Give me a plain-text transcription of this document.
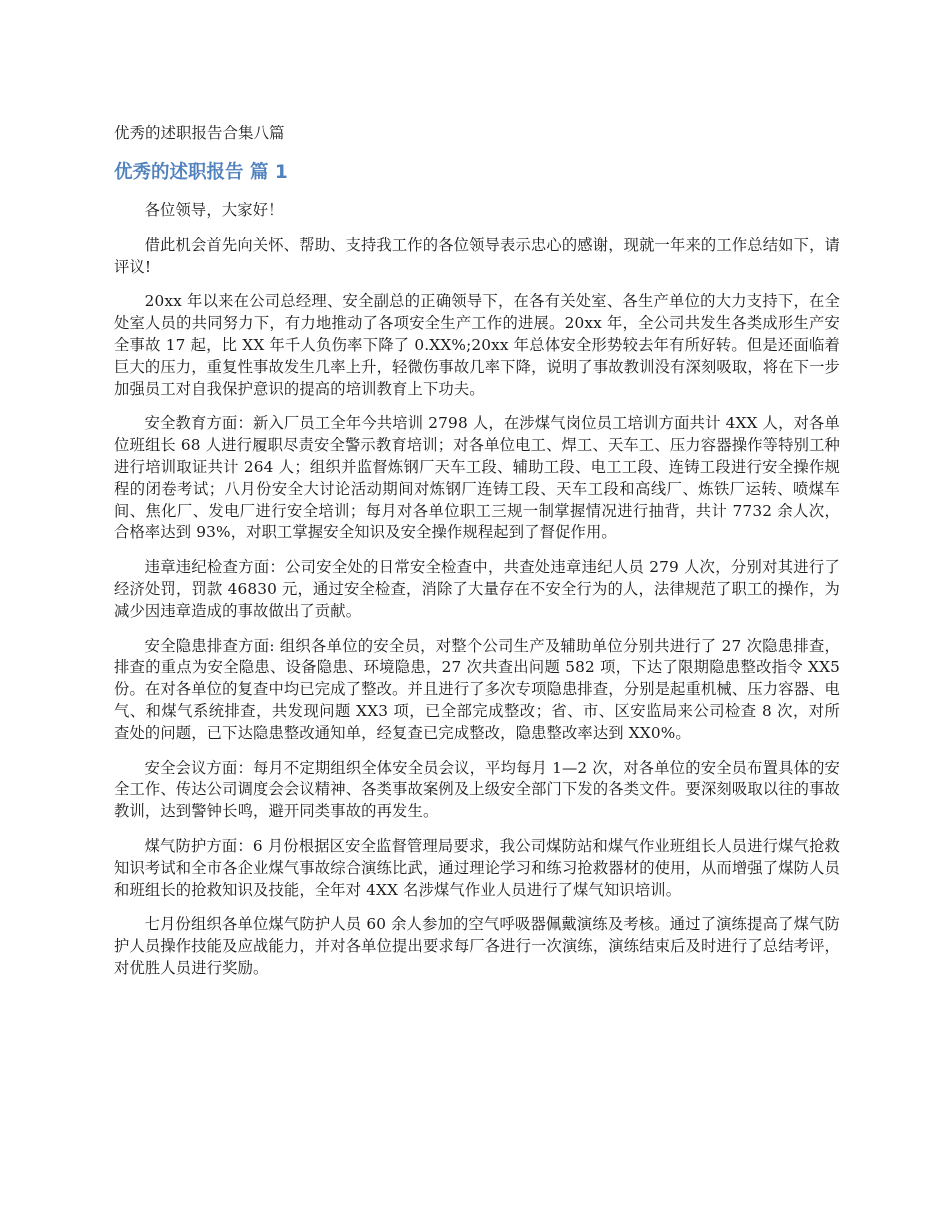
优秀的述职报告合集八篇
优秀的述职报告 篇 1

各位领导，大家好！

借此机会首先向关怀、帮助、支持我工作的各位领导表示忠心的感谢，现就一年来的工作总结如下，请评议!

20xx 年以来在公司总经理、安全副总的正确领导下，在各有关处室、各生产单位的大力支持下，在全处室人员的共同努力下，有力地推动了各项安全生产工作的进展。20xx 年，全公司共发生各类成形生产安全事故 17 起，比 XX 年千人负伤率下降了 0.XX%;20xx 年总体安全形势较去年有所好转。但是还面临着巨大的压力，重复性事故发生几率上升，轻微伤事故几率下降，说明了事故教训没有深刻吸取，将在下一步加强员工对自我保护意识的提高的培训教育上下功夫。

安全教育方面：新入厂员工全年今共培训 2798 人，在涉煤气岗位员工培训方面共计 4XX 人，对各单位班组长 68 人进行履职尽责安全警示教育培训；对各单位电工、焊工、天车工、压力容器操作等特别工种进行培训取证共计 264 人；组织并监督炼钢厂天车工段、辅助工段、电工工段、连铸工段进行安全操作规程的闭卷考试；八月份安全大讨论活动期间对炼钢厂连铸工段、天车工段和高线厂、炼铁厂运转、喷煤车间、焦化厂、发电厂进行安全培训；每月对各单位职工三规一制掌握情况进行抽背，共计 7732 余人次，合格率达到 93%，对职工掌握安全知识及安全操作规程起到了督促作用。

违章违纪检查方面：公司安全处的日常安全检查中，共查处违章违纪人员 279 人次，分别对其进行了经济处罚，罚款 46830 元，通过安全检查，消除了大量存在不安全行为的人，法律规范了职工的操作，为减少因违章造成的事故做出了贡献。

安全隐患排查方面: 组织各单位的安全员，对整个公司生产及辅助单位分别共进行了 27 次隐患排查，排查的重点为安全隐患、设备隐患、环境隐患，27 次共查出问题 582 项，下达了限期隐患整改指令 XX5 份。在对各单位的复查中均已完成了整改。并且进行了多次专项隐患排查，分别是起重机械、压力容器、电气、和煤气系统排查，共发现问题 XX3 项，已全部完成整改；省、市、区安监局来公司检查 8 次，对所查处的问题，已下达隐患整改通知单，经复查已完成整改，隐患整改率达到 XX0%。

安全会议方面：每月不定期组织全体安全员会议，平均每月 1—2 次，对各单位的安全员布置具体的安全工作、传达公司调度会会议精神、各类事故案例及上级安全部门下发的各类文件。要深刻吸取以往的事故教训，达到警钟长鸣，避开同类事故的再发生。

煤气防护方面：6 月份根据区安全监督管理局要求，我公司煤防站和煤气作业班组长人员进行煤气抢救知识考试和全市各企业煤气事故综合演练比武，通过理论学习和练习抢救器材的使用，从而增强了煤防人员和班组长的抢救知识及技能，全年对 4XX 名涉煤气作业人员进行了煤气知识培训。

七月份组织各单位煤气防护人员 60 余人参加的空气呼吸器佩戴演练及考核。通过了演练提高了煤气防护人员操作技能及应战能力，并对各单位提出要求每厂各进行一次演练，演练结束后及时进行了总结考评，对优胜人员进行奖励。
